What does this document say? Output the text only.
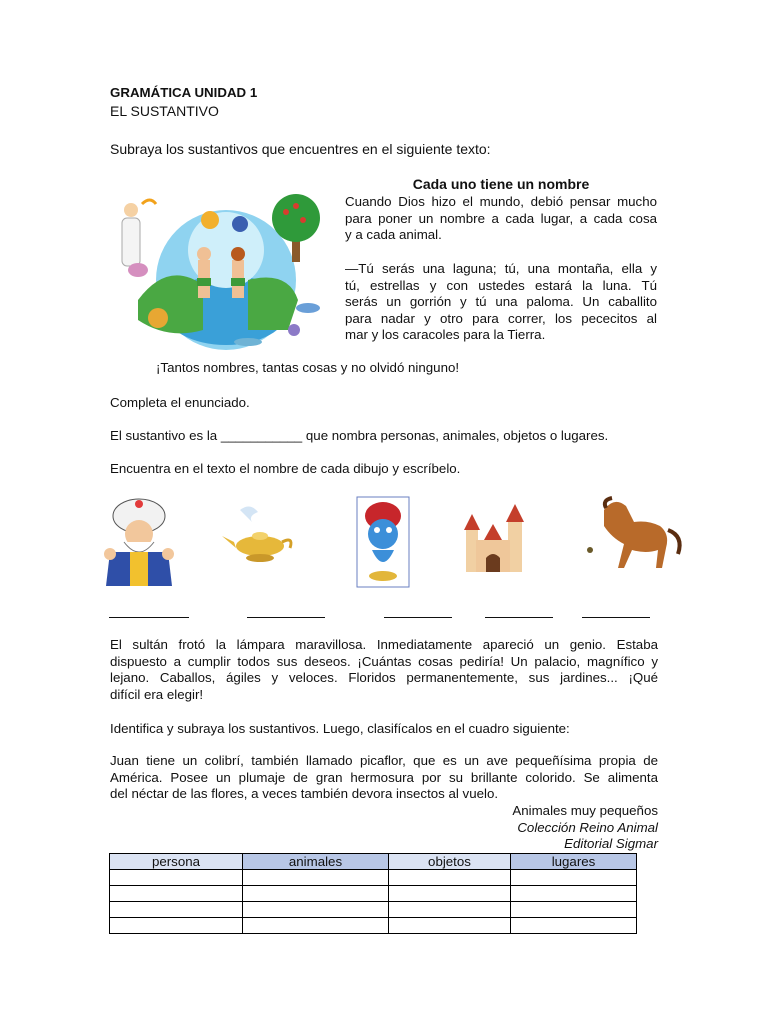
GRAMÁTICA UNIDAD 1
EL SUSTANTIVO
Subraya los sustantivos que encuentres en el siguiente texto:
Cada uno tiene un nombre
Cuando Dios hizo el mundo, debió pensar mucho
para poner un nombre a cada lugar, a cada cosa
y a cada animal.
—Tú serás una laguna; tú, una montaña, ella y
tú, estrellas y con ustedes estará la luna. Tú
serás un gorrión y tú una paloma. Un caballito
para nadar y otro para correr, los pececitos al
mar y los caracoles para la Tierra.
¡Tantos nombres, tantas cosas y no olvidó ninguno!
Completa el enunciado.
El sustantivo es la ___________ que nombra personas, animales, objetos o lugares.
Encuentra en el texto el nombre de cada dibujo y escríbelo.
El sultán frotó la lámpara maravillosa. Inmediatamente apareció un genio. Estaba
dispuesto a cumplir todos sus deseos. ¡Cuántas cosas pediría! Un palacio, magnífico y
lejano. Caballos, ágiles y veloces. Floridos permanentemente, sus jardines... ¡Qué
difícil era elegir!
Identifica y subraya los sustantivos. Luego, clasifícalos en el cuadro siguiente:
Juan tiene un colibrí, también llamado picaflor, que es un ave pequeñísima propia de
América. Posee un plumaje de gran hermosura por su brillante colorido. Se alimenta
del néctar de las flores, a veces también devora insectos al vuelo.
Animales muy pequeños
Colección Reino Animal
Editorial Sigmar
persona	animales	objetos	lugares
